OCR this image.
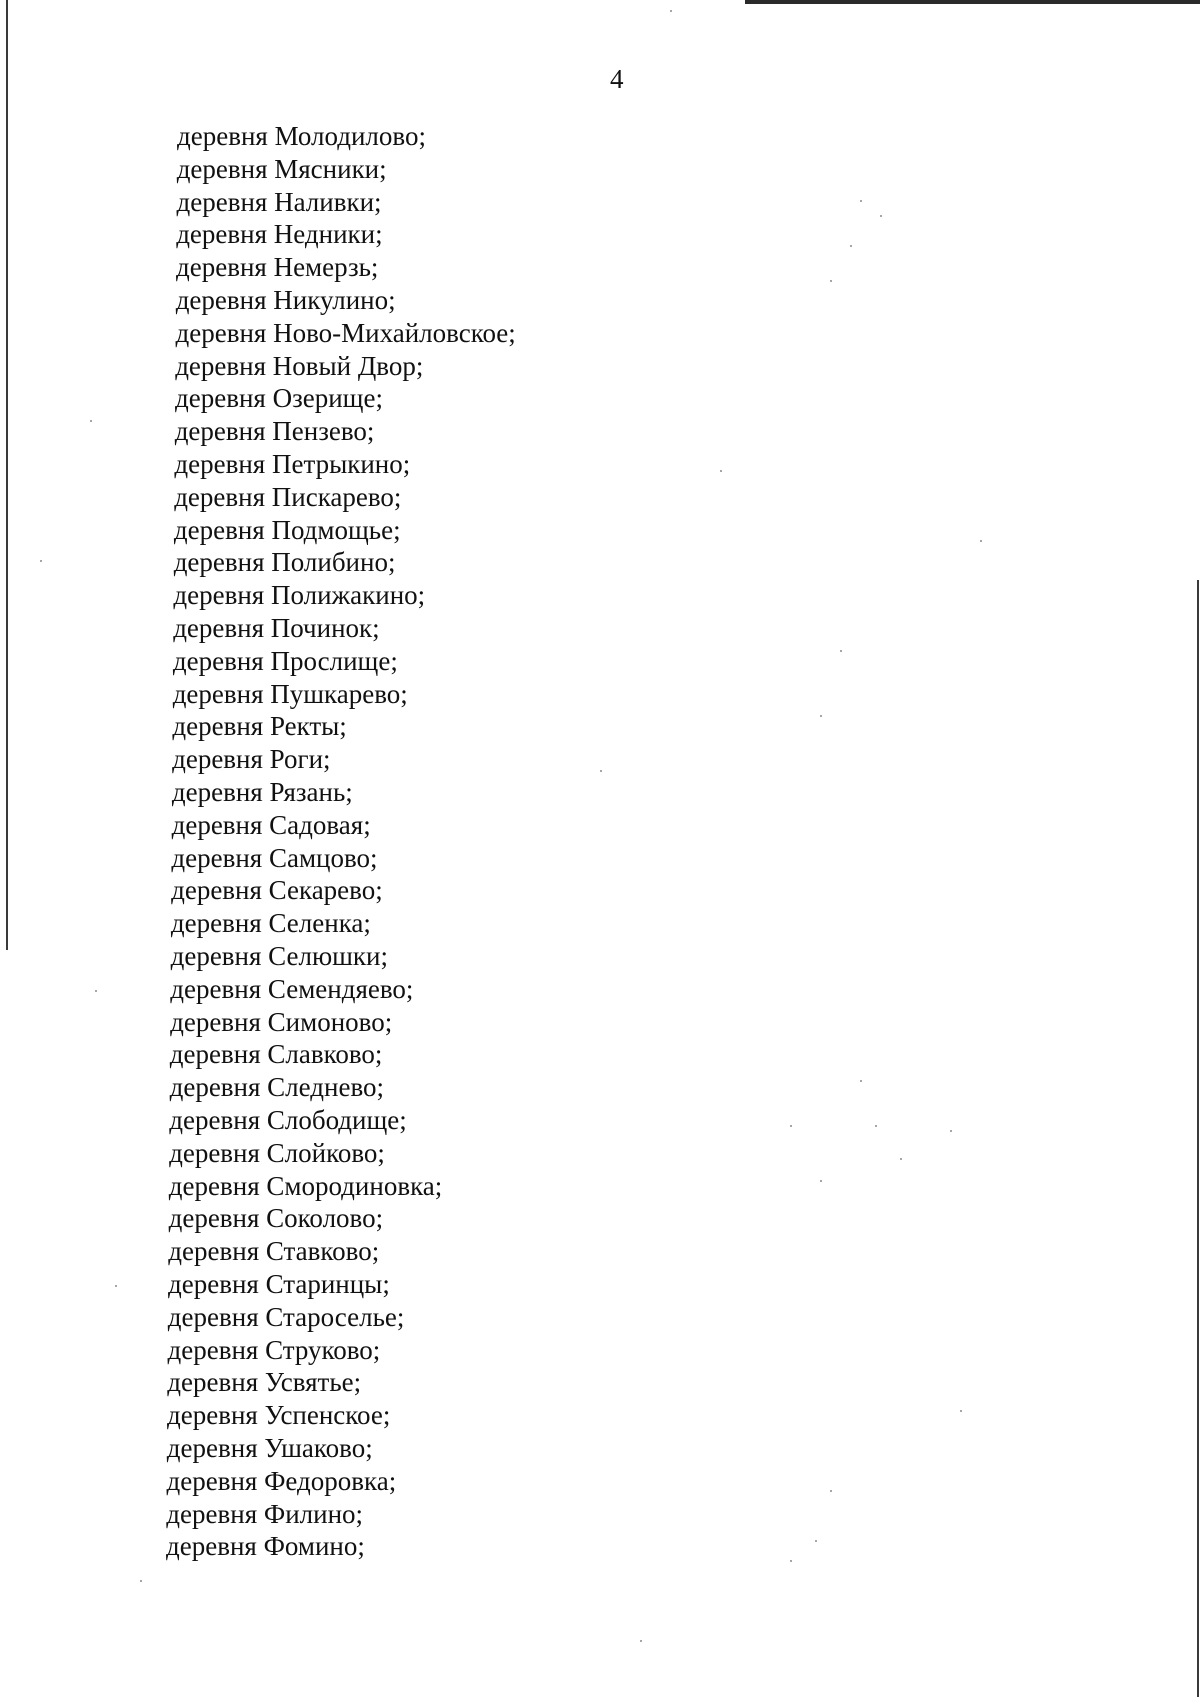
4
деревня Молодилово;
деревня Мясники;
деревня Наливки;
деревня Недники;
деревня Немерзь;
деревня Никулино;
деревня Ново-Михайловское;
деревня Новый Двор;
деревня Озерище;
деревня Пензево;
деревня Петрыкино;
деревня Пискарево;
деревня Подмощье;
деревня Полибино;
деревня Полижакино;
деревня Починок;
деревня Прослище;
деревня Пушкарево;
деревня Ректы;
деревня Роги;
деревня Рязань;
деревня Садовая;
деревня Самцово;
деревня Секарево;
деревня Селенка;
деревня Селюшки;
деревня Семендяево;
деревня Симоново;
деревня Славково;
деревня Следнево;
деревня Слободище;
деревня Слойково;
деревня Смородиновка;
деревня Соколово;
деревня Ставково;
деревня Старинцы;
деревня Староселье;
деревня Струково;
деревня Усвятье;
деревня Успенское;
деревня Ушаково;
деревня Федоровка;
деревня Филино;
деревня Фомино;
